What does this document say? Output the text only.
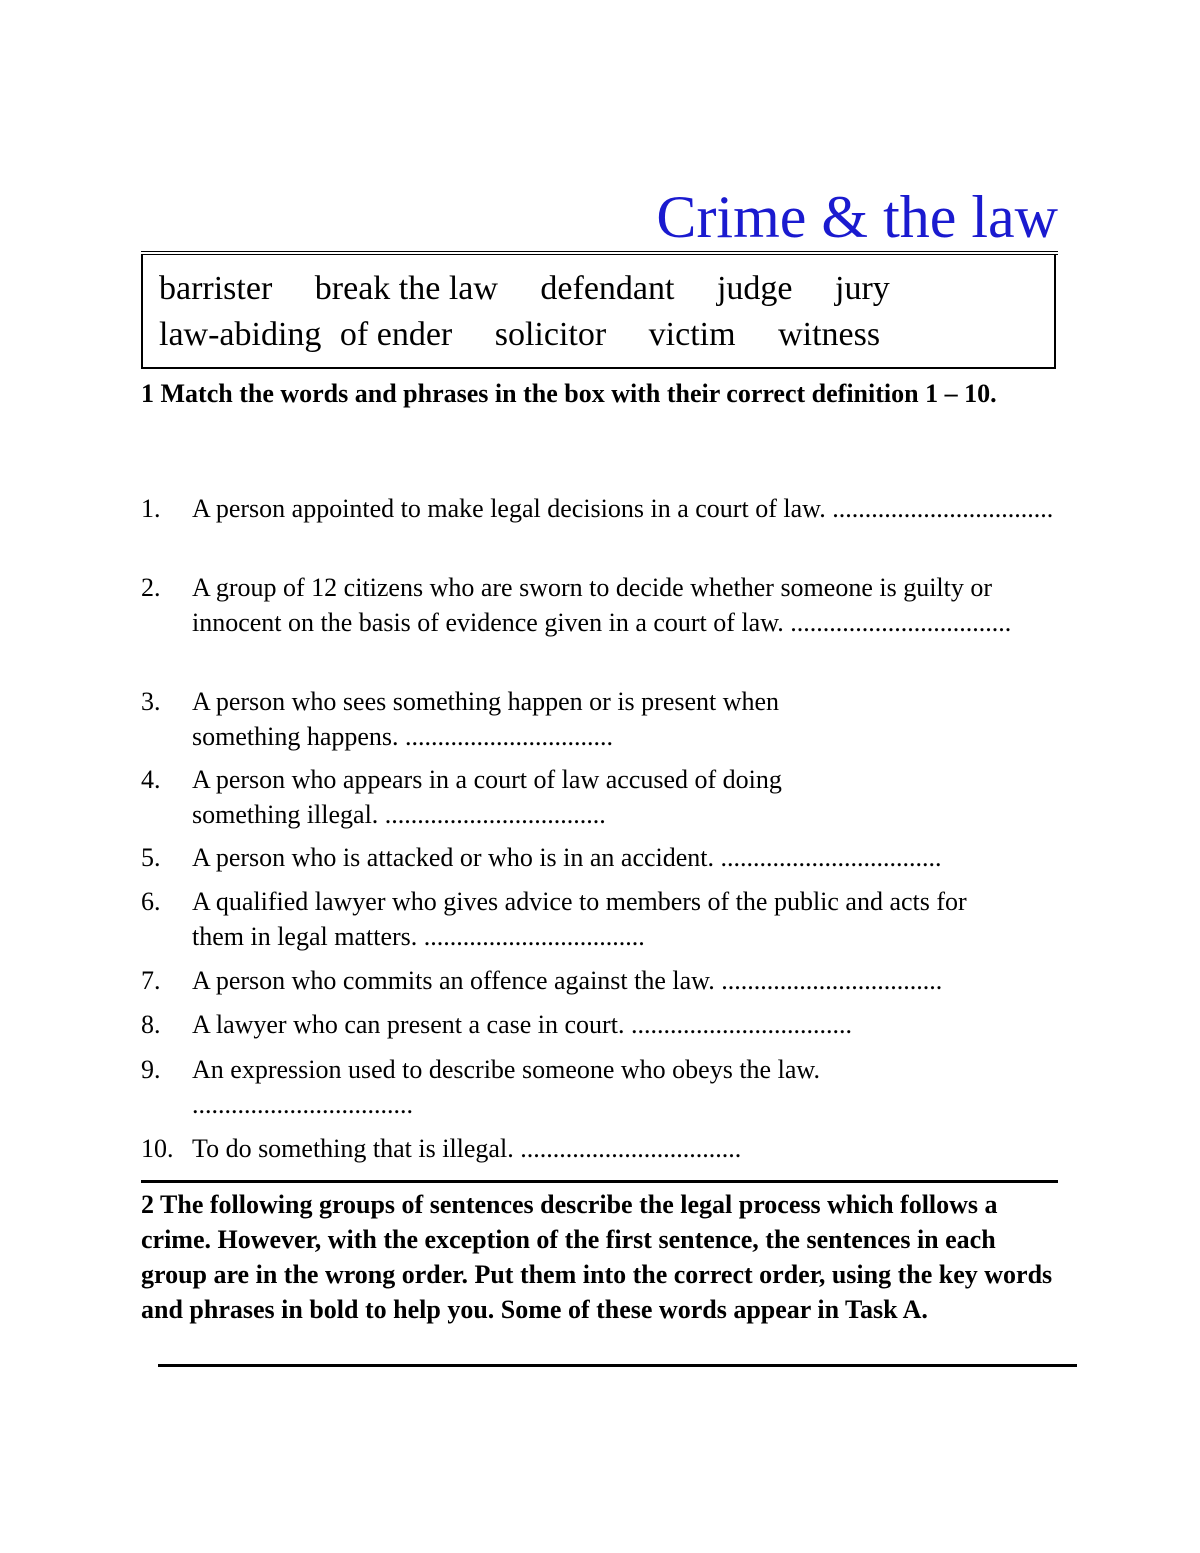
Crime & the law
barrister break the law defendant judge jury
law-abiding of ender solicitor victim witness
1 Match the words and phrases in the box with their correct definition 1 – 10.
1. A person appointed to make legal decisions in a court of law. ..................................
2. A group of 12 citizens who are sworn to decide whether someone is guilty or innocent on the basis of evidence given in a court of law. ..................................
3. A person who sees something happen or is present when something happens. ................................
4. A person who appears in a court of law accused of doing something illegal. ..................................
5. A person who is attacked or who is in an accident. ..................................
6. A qualified lawyer who gives advice to members of the public and acts for them in legal matters. ..................................
7. A person who commits an offence against the law. ..................................
8. A lawyer who can present a case in court. ..................................
9. An expression used to describe someone who obeys the law. ..................................
10. To do something that is illegal. ..................................
2 The following groups of sentences describe the legal process which follows a crime. However, with the exception of the first sentence, the sentences in each group are in the wrong order. Put them into the correct order, using the key words and phrases in bold to help you. Some of these words appear in Task A.
